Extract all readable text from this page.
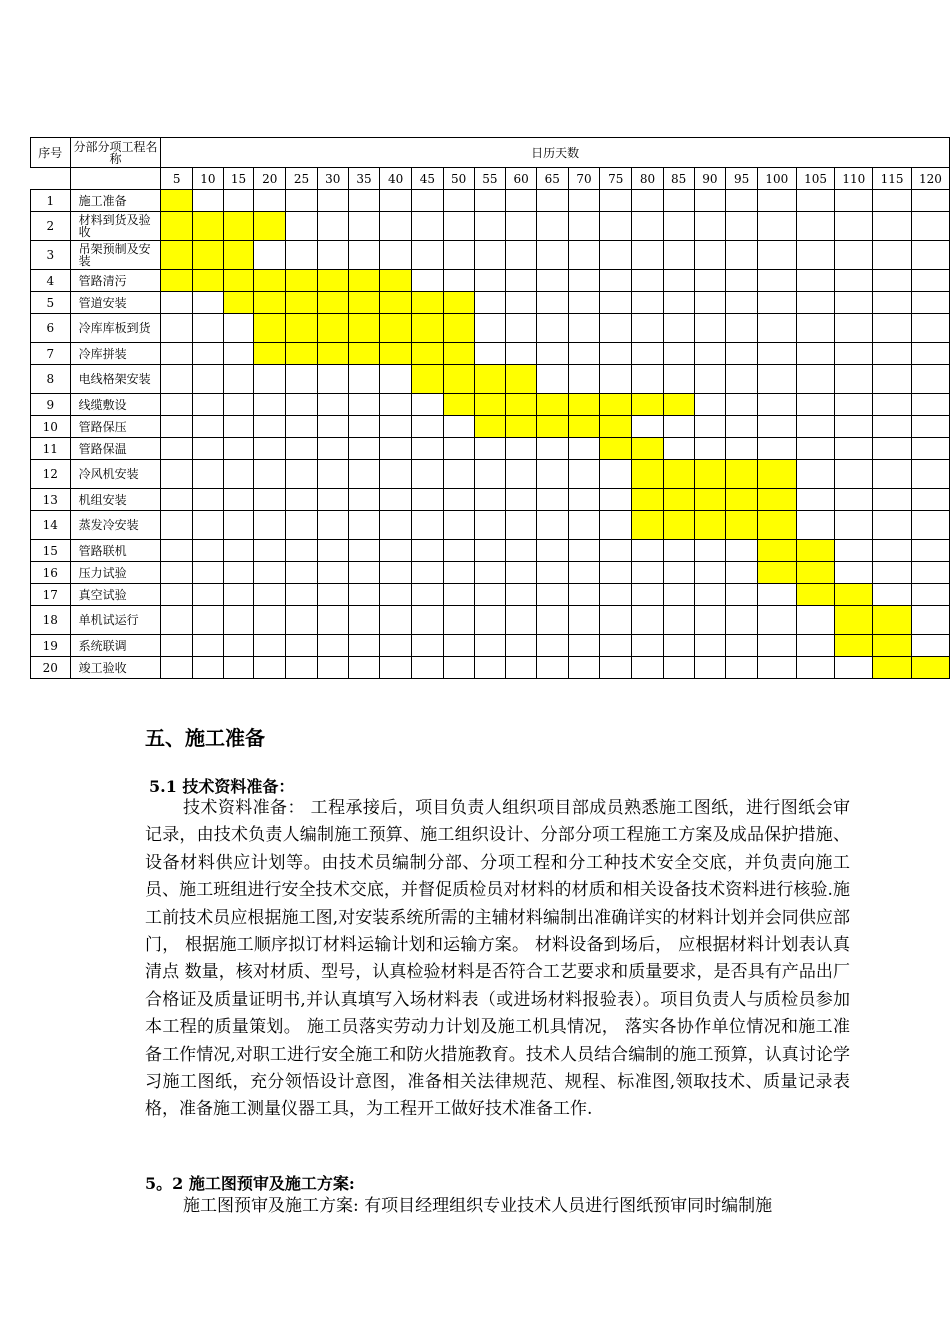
序号	分部分项工程名称	日历天数																							
		5	10	15	20	25	30	35	40	45	50	55	60	65	70	75	80	85	90	95	100	105	110	115	120
1	施工准备																								
2	材料到货及验收																								
3	吊架预制及安装																								
4	管路清污																								
5	管道安装																								
6	冷库库板到货																								
7	冷库拼装																								
8	电线格架安装																								
9	线缆敷设																								
10	管路保压																								
11	管路保温																								
12	冷风机安装																								
13	机组安装																								
14	蒸发冷安装																								
15	管路联机																								
16	压力试验																								
17	真空试验																								
18	单机试运行																								
19	系统联调																								
20	竣工验收																								
五、施工准备
5.1 技术资料准备：

技术资料准备： 工程承接后，项目负责人组织项目部成员熟悉施工图纸，进行图纸会审记录，由技术负责人编制施工预算、施工组织设计、分部分项工程施工方案及成品保护措施、设备材料供应计划等。由技术员编制分部、分项工程和分工种技术安全交底，并负责向施工员、施工班组进行安全技术交底，并督促质检员对材料的材质和相关设备技术资料进行核验.施工前技术员应根据施工图,对安装系统所需的主辅材料编制出准确详实的材料计划并会同供应部门， 根据施工顺序拟订材料运输计划和运输方案。 材料设备到场后， 应根据材料计划表认真清点 数量，核对材质、型号，认真检验材料是否符合工艺要求和质量要求，是否具有产品出厂合格证及质量证明书,并认真填写入场材料表（或进场材料报验表）。项目负责人与质检员参加本工程的质量策划。 施工员落实劳动力计划及施工机具情况， 落实各协作单位情况和施工准 备工作情况,对职工进行安全施工和防火措施教育。技术人员结合编制的施工预算，认真讨论学习施工图纸，充分领悟设计意图，准备相关法律规范、规程、标准图,领取技术、质量记录表格，准备施工测量仪器工具，为工程开工做好技术准备工作.

5。2 施工图预审及施工方案:

施工图预审及施工方案: 有项目经理组织专业技术人员进行图纸预审同时编制施
